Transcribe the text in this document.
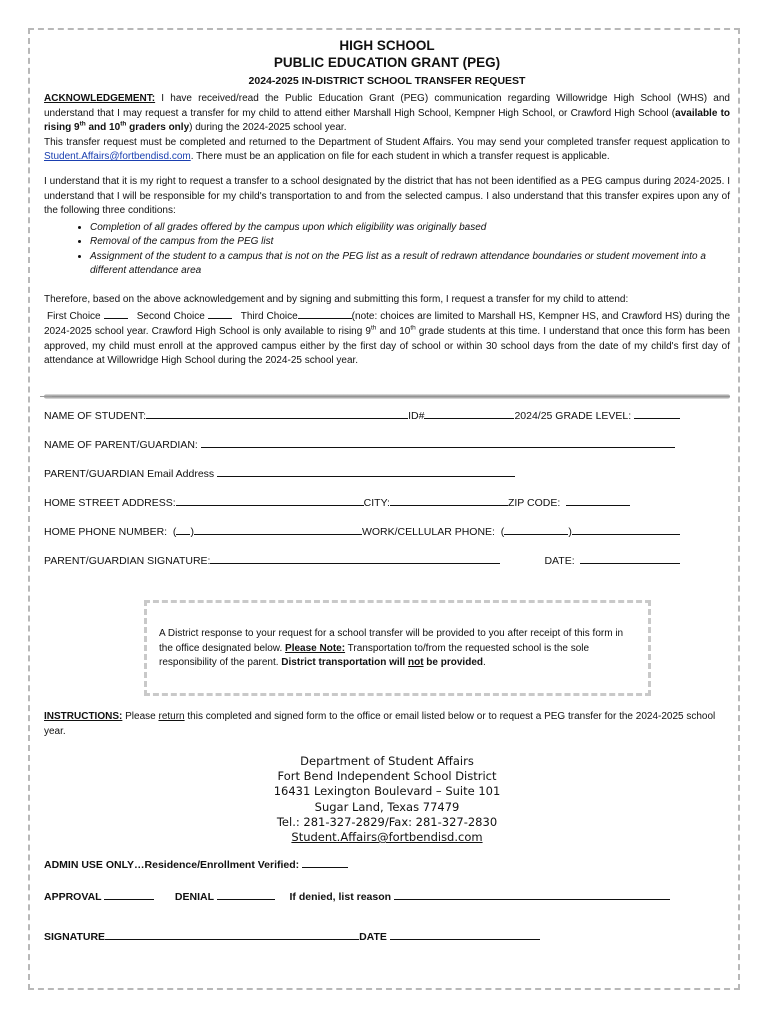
HIGH SCHOOL
PUBLIC EDUCATION GRANT (PEG)
2024-2025 IN-DISTRICT SCHOOL TRANSFER REQUEST
ACKNOWLEDGEMENT: I have received/read the Public Education Grant (PEG) communication regarding Willowridge High School (WHS) and understand that I may request a transfer for my child to attend either Marshall High School, Kempner High School, or Crawford High School (available to rising 9th and 10th graders only) during the 2024-2025 school year.
This transfer request must be completed and returned to the Department of Student Affairs. You may send your completed transfer request application to Student.Affairs@fortbendisd.com. There must be an application on file for each student in which a transfer request is applicable.
I understand that it is my right to request a transfer to a school designated by the district that has not been identified as a PEG campus during 2024-2025. I understand that I will be responsible for my child's transportation to and from the selected campus. I also understand that this transfer expires upon any of the following three conditions:
• Completion of all grades offered by the campus upon which eligibility was originally based
• Removal of the campus from the PEG list
• Assignment of the student to a campus that is not on the PEG list as a result of redrawn attendance boundaries or student movement into a different attendance area
Therefore, based on the above acknowledgement and by signing and submitting this form, I request a transfer for my child to attend:
First Choice	Second Choice	Third Choice	(note: choices are limited to Marshall HS, Kempner HS, and Crawford HS) during the 2024-2025 school year. Crawford High School is only available to rising 9th and 10th grade students at this time. I understand that once this form has been approved, my child must enroll at the approved campus either by the first day of school or within 30 school days from the date of my child's first day of attendance at Willowridge High School during the 2024-25 school year.
NAME OF STUDENT:	ID#	2024/25 GRADE LEVEL:
NAME OF PARENT/GUARDIAN:
PARENT/GUARDIAN Email Address
HOME STREET ADDRESS:	CITY:	ZIP CODE:
HOME PHONE NUMBER:  ( )	WORK/CELLULAR PHONE:  (	)
PARENT/GUARDIAN SIGNATURE:	DATE:
A District response to your request for a school transfer will be provided to you after receipt of this form in the office designated below. Please Note: Transportation to/from the requested school is the sole responsibility of the parent. District transportation will not be provided.
INSTRUCTIONS: Please return this completed and signed form to the office or email listed below or to request a PEG transfer for the 2024-2025 school year.
Department of Student Affairs
Fort Bend Independent School District
16431 Lexington Boulevard – Suite 101
Sugar Land, Texas 77479
Tel.: 281-327-2829/Fax: 281-327-2830
Student.Affairs@fortbendisd.com
ADMIN USE ONLY…Residence/Enrollment Verified:
APPROVAL	DENIAL	If denied, list reason
SIGNATURE	DATE
